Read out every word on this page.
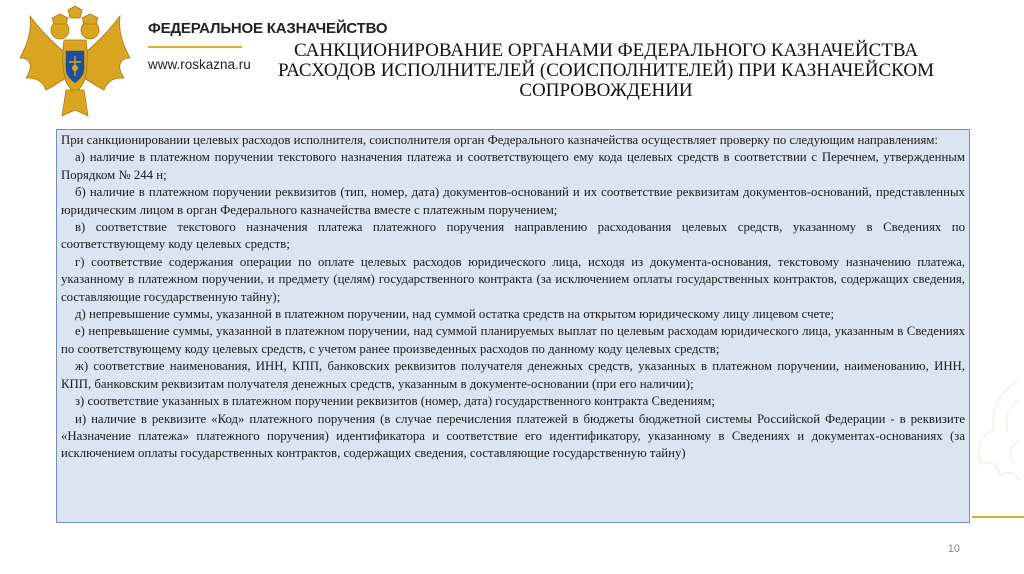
ФЕДЕРАЛЬНОЕ КАЗНАЧЕЙСТВО
www.roskazna.ru
САНКЦИОНИРОВАНИЕ ОРГАНАМИ ФЕДЕРАЛЬНОГО КАЗНАЧЕЙСТВА
РАСХОДОВ ИСПОЛНИТЕЛЕЙ (СОИСПОЛНИТЕЛЕЙ) ПРИ КАЗНАЧЕЙСКОМ
СОПРОВОЖДЕНИИ

При санкционировании целевых расходов исполнителя, соисполнителя орган Федерального казначейства осуществляет проверку по следующим направлениям:

а) наличие в платежном поручении текстового назначения платежа и соответствующего ему кода целевых средств в соответствии с Перечнем, утвержденным Порядком № 244 н;

б) наличие в платежном поручении реквизитов (тип, номер, дата) документов-оснований и их соответствие реквизитам документов-оснований, представленных юридическим лицом в орган Федерального казначейства вместе с платежным поручением;

в) соответствие текстового назначения платежа платежного поручения направлению расходования целевых средств, указанному в Сведениях по соответствующему коду целевых средств;

г) соответствие содержания операции по оплате целевых расходов юридического лица, исходя из документа-основания, текстовому назначению платежа, указанному в платежном поручении, и предмету (целям) государственного контракта (за исключением оплаты государственных контрактов, содержащих сведения, составляющие государственную тайну);

д) непревышение суммы, указанной в платежном поручении, над суммой остатка средств на открытом юридическому лицу лицевом счете;

е) непревышение суммы, указанной в платежном поручении, над суммой планируемых выплат по целевым расходам юридического лица, указанным в Сведениях по соответствующему коду целевых средств, с учетом ранее произведенных расходов по данному коду целевых средств;

ж) соответствие наименования, ИНН, КПП, банковских реквизитов получателя денежных средств, указанных в платежном поручении, наименованию, ИНН, КПП, банковским реквизитам получателя денежных средств, указанным в документе-основании (при его наличии);

з) соответствие указанных в платежном поручении реквизитов (номер, дата) государственного контракта Сведениям;

и) наличие в реквизите «Код» платежного поручения (в случае перечисления платежей в бюджеты бюджетной системы Российской Федерации - в реквизите «Назначение платежа» платежного поручения) идентификатора и соответствие его идентификатору, указанному в Сведениях и документах-основаниях (за исключением оплаты государственных контрактов, содержащих сведения, составляющие государственную тайну)

10
